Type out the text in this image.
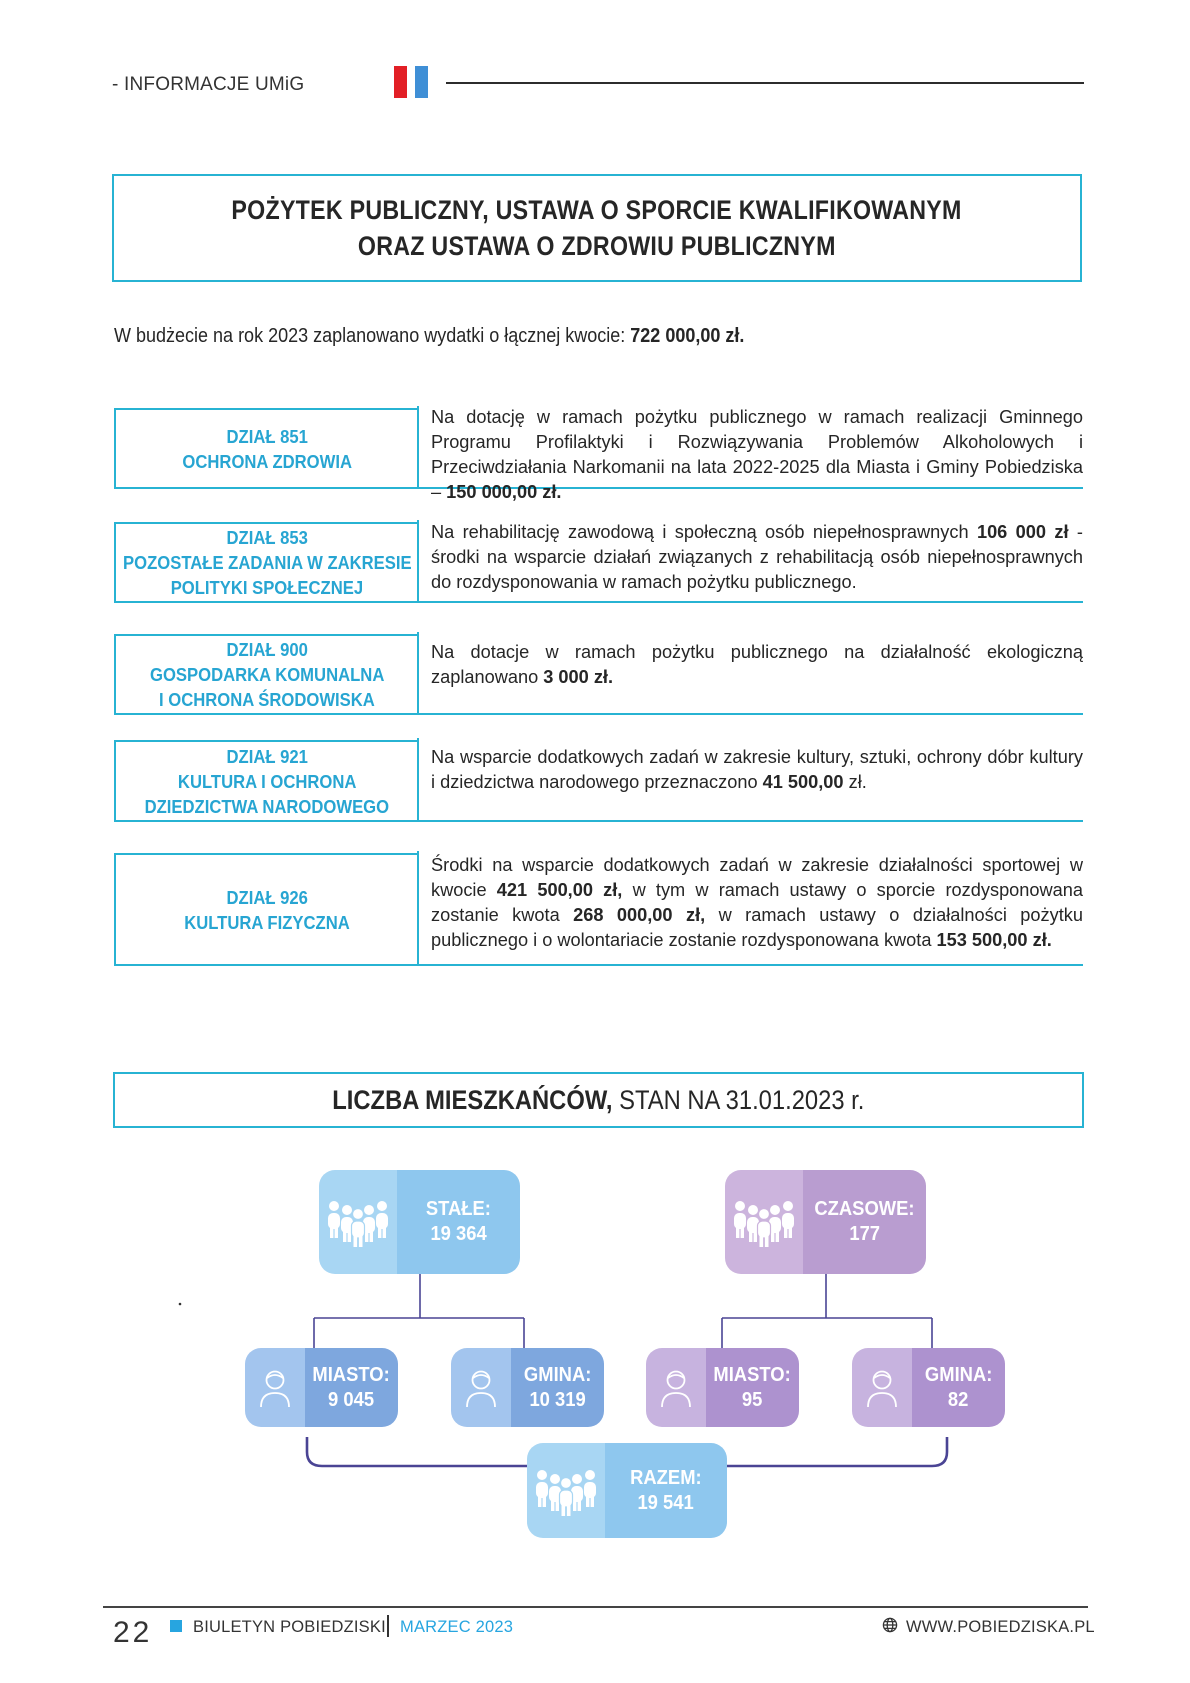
- INFORMACJE UMiG
POŻYTEK PUBLICZNY, USTAWA O SPORCIE KWALIFIKOWANYM
ORAZ USTAWA O ZDROWIU PUBLICZNYM
W budżecie na rok 2023 zaplanowano wydatki o łącznej kwocie: 722 000,00 zł.
DZIAŁ 851
OCHRONA ZDROWIA
Na dotację w ramach pożytku publicznego w ramach realizacji Gminnego Programu Profilaktyki i Rozwiązywania Problemów Alkoholowych i Przeciwdziałania Narkomanii na lata 2022-2025 dla Miasta i Gminy Pobiedziska – 150 000,00 zł.
DZIAŁ 853
POZOSTAŁE ZADANIA W ZAKRESIE
POLITYKI SPOŁECZNEJ
Na rehabilitację zawodową i społeczną osób niepełnosprawnych 106 000 zł - środki na wsparcie działań związanych z rehabilitacją osób niepełnosprawnych do rozdysponowania w ramach pożytku publicznego.
DZIAŁ 900
GOSPODARKA KOMUNALNA
I OCHRONA ŚRODOWISKA
Na dotacje w ramach pożytku publicznego na działalność ekologiczną zaplanowano 3 000 zł.
DZIAŁ 921
KULTURA I OCHRONA
DZIEDZICTWA NARODOWEGO
Na wsparcie dodatkowych zadań w zakresie kultury, sztuki, ochrony dóbr kultury i dziedzictwa narodowego przeznaczono 41 500,00 zł.
DZIAŁ 926
KULTURA FIZYCZNA
Środki na wsparcie dodatkowych zadań w zakresie działalności sportowej w kwocie 421 500,00 zł, w tym w ramach ustawy o sporcie rozdysponowana zostanie kwota 268 000,00 zł, w ramach ustawy o działalności pożytku publicznego i o wolontariacie zostanie rozdysponowana kwota 153 500,00 zł.
LICZBA MIESZKAŃCÓW, STAN NA 31.01.2023 r.
STAŁE:
19 364
CZASOWE:
177
MIASTO:
9 045
GMINA:
10 319
MIASTO:
95
GMINA:
82
RAZEM:
19 541
22 BIULETYN POBIEDZISKI MARZEC 2023	WWW.POBIEDZISKA.PL
